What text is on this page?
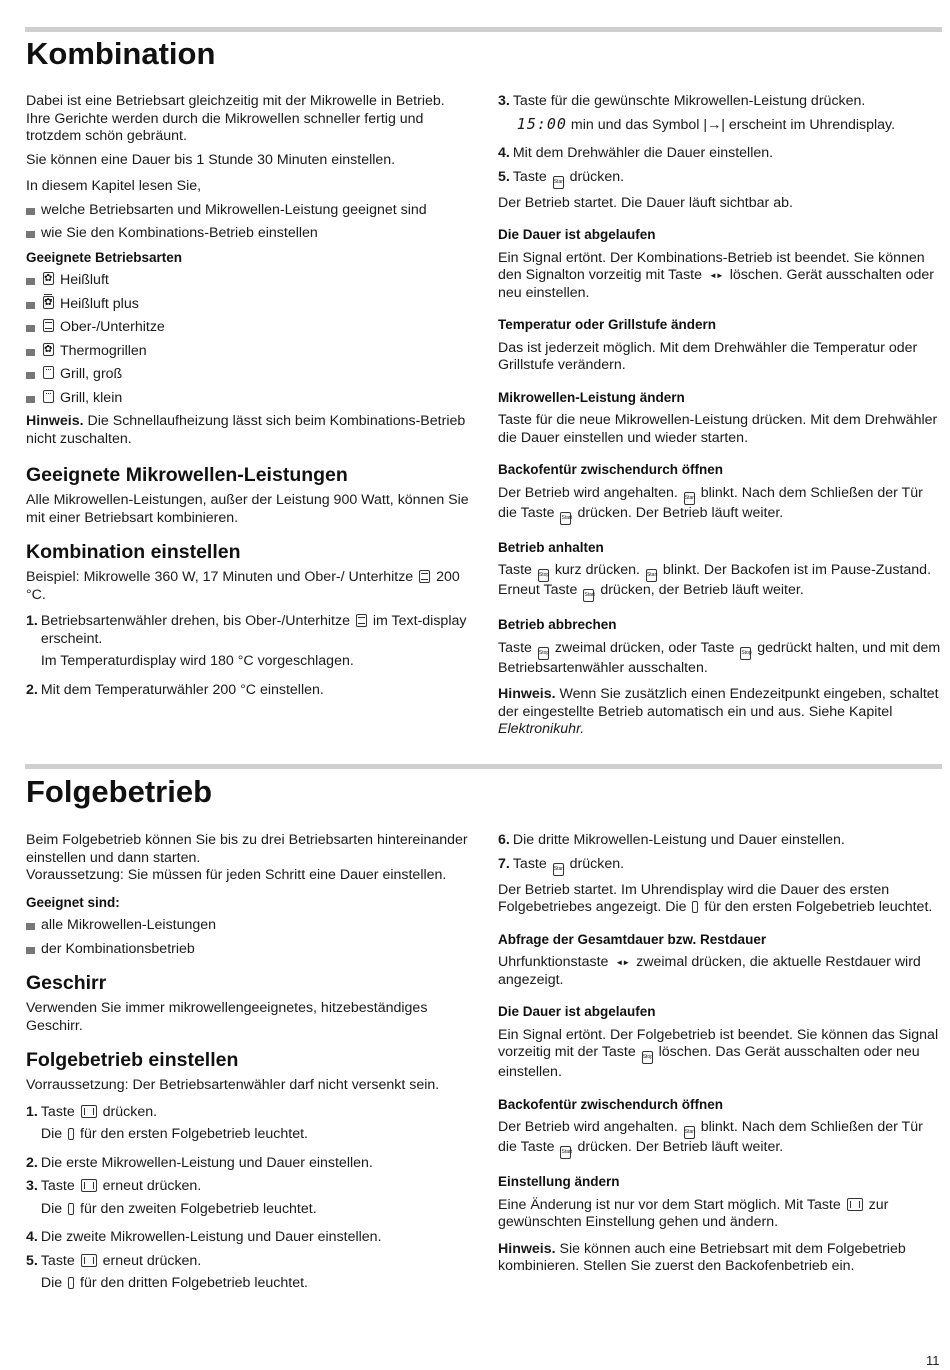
Kombination

Dabei ist eine Betriebsart gleichzeitig mit der Mikrowelle in Betrieb. Ihre Gerichte werden durch die Mikrowellen schneller fertig und trotzdem schön gebräunt.

Sie können eine Dauer bis 1 Stunde 30 Minuten einstellen.

In diesem Kapitel lesen Sie,

welche Betriebsarten und Mikrowellen-Leistung geeignet sind
wie Sie den Kombinations-Betrieb einstellen
Geeignete Betriebsarten
✿

Heißluft
✿

Heißluft plus

Ober-/Unterhitze
✿

Thermogrillen

Grill, groß

Grill, klein

Hinweis. Die Schnellaufheizung lässt sich beim Kombinations-Betrieb nicht zuschalten.

Geeignete Mikrowellen-Leistungen

Alle Mikrowellen-Leistungen, außer der Leistung 900 Watt, können Sie mit einer Betriebsart kombinieren.

Kombination einstellen

Beispiel: Mikrowelle 360 W, 17 Minuten und Ober-/ Unterhitze 200 °C.

1. Betriebsartenwähler drehen, bis Ober-/Unterhitze im Text-display erscheint.

Im Temperaturdisplay wird 180 °C vorgeschlagen.

2. Mit dem Temperaturwähler 200 °C einstellen.
3. Taste für die gewünschte Mikrowellen-Leistung drücken.

15:00 min und das Symbol |→| erscheint im Uhrendisplay.

4. Mit dem Drehwähler die Dauer einstellen.
5. Taste Start drücken.

Der Betrieb startet. Die Dauer läuft sichtbar ab.

Die Dauer ist abgelaufen

Ein Signal ertönt. Der Kombinations-Betrieb ist beendet. Sie können den Signalton vorzeitig mit Taste ◄► löschen. Gerät ausschalten oder neu einstellen.

Temperatur oder Grillstufe ändern

Das ist jederzeit möglich. Mit dem Drehwähler die Temperatur oder Grillstufe verändern.

Mikrowellen-Leistung ändern

Taste für die neue Mikrowellen-Leistung drücken. Mit dem Drehwähler die Dauer einstellen und wieder starten.

Backofentür zwischendurch öffnen

Der Betrieb wird angehalten. Start blinkt. Nach dem Schließen der Tür die Taste Start drücken. Der Betrieb läuft weiter.

Betrieb anhalten

Taste Stop kurz drücken. Start blinkt. Der Backofen ist im Pause-Zustand. Erneut Taste Start drücken, der Betrieb läuft weiter.

Betrieb abbrechen

Taste Stop zweimal drücken, oder Taste Stop gedrückt halten, und mit dem Betriebsartenwähler ausschalten.

Hinweis. Wenn Sie zusätzlich einen Endezeitpunkt eingeben, schaltet der eingestellte Betrieb automatisch ein und aus. Siehe Kapitel Elektronikuhr.

Folgebetrieb

Beim Folgebetrieb können Sie bis zu drei Betriebsarten hintereinander einstellen und dann starten.
Voraussetzung: Sie müssen für jeden Schritt eine Dauer einstellen.

Geeignet sind:
alle Mikrowellen-Leistungen
der Kombinationsbetrieb
Geschirr

Verwenden Sie immer mikrowellengeeignetes, hitzebeständiges Geschirr.

Folgebetrieb einstellen

Vorraussetzung: Der Betriebsartenwähler darf nicht versenkt sein.

1. Taste drücken.

Die für den ersten Folgebetrieb leuchtet.

2. Die erste Mikrowellen-Leistung und Dauer einstellen.
3. Taste erneut drücken.

Die für den zweiten Folgebetrieb leuchtet.

4. Die zweite Mikrowellen-Leistung und Dauer einstellen.
5. Taste erneut drücken.

Die für den dritten Folgebetrieb leuchtet.

6. Die dritte Mikrowellen-Leistung und Dauer einstellen.
7. Taste Start drücken.

Der Betrieb startet. Im Uhrendisplay wird die Dauer des ersten Folgebetriebes angezeigt. Die für den ersten Folgebetrieb leuchtet.

Abfrage der Gesamtdauer bzw. Restdauer

Uhrfunktionstaste ◄► zweimal drücken, die aktuelle Restdauer wird angezeigt.

Die Dauer ist abgelaufen

Ein Signal ertönt. Der Folgebetrieb ist beendet. Sie können das Signal vorzeitig mit der Taste Stop löschen. Das Gerät ausschalten oder neu einstellen.

Backofentür zwischendurch öffnen

Der Betrieb wird angehalten. Start blinkt. Nach dem Schließen der Tür die Taste Start drücken. Der Betrieb läuft weiter.

Einstellung ändern

Eine Änderung ist nur vor dem Start möglich. Mit Taste zur gewünschten Einstellung gehen und ändern.

Hinweis. Sie können auch eine Betriebsart mit dem Folgebetrieb kombinieren. Stellen Sie zuerst den Backofenbetrieb ein.

11
